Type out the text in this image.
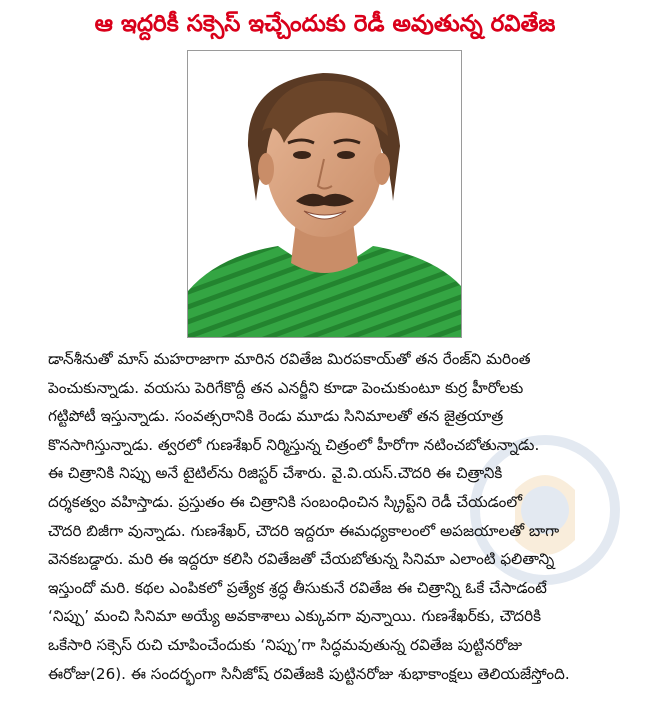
ఆ ఇద్దరికీ సక్సెస్ ఇచ్చేందుకు రెడీ అవుతున్న రవితేజ
డాన్‌శీనుతో మాస్ మహరాజాగా మారిన రవితేజ మిరపకాయ్‌తో తన రేంజ్‌ని మరింత
పెంచుకున్నాడు. వయసు పెరిగేకొద్దీ తన ఎనర్జీని కూడా పెంచుకుంటూ కుర్ర హీరోలకు
గట్టిపోటీ ఇస్తున్నాడు. సంవత్సరానికి రెండు మూడు సినిమాలతో తన జైత్రయాత్ర
కొనసాగిస్తున్నాడు. త్వరలో గుణశేఖర్ నిర్మిస్తున్న చిత్రంలో హీరోగా నటించబోతున్నాడు.
ఈ చిత్రానికి నిప్పు అనే టైటిల్‌ను రిజిస్టర్ చేశారు. వై.వి.యస్.చౌదరి ఈ చిత్రానికి
దర్శకత్వం వహిస్తాడు. ప్రస్తుతం ఈ చిత్రానికి సంబంధించిన స్క్రిప్ట్‌ని రెడీ చేయడంలో
చౌదరి బిజీగా వున్నాడు. గుణశేఖర్, చౌదరి ఇద్దరూ ఈమధ్యకాలంలో అపజయాలతో బాగా
వెనకబడ్డారు. మరి ఈ ఇద్దరూ కలిసి రవితేజతో చేయబోతున్న సినిమా ఎలాంటి ఫలితాన్ని
ఇస్తుందో మరి. కథల ఎంపికలో ప్రత్యేక శ్రద్ధ తీసుకునే రవితేజ ఈ చిత్రాన్ని ఓకే చేసాడంటే
‘నిప్పు’ మంచి సినిమా అయ్యే అవకాశాలు ఎక్కువగా వున్నాయి. గుణశేఖర్‌కు, చౌదరికి
ఒకేసారి సక్సెస్ రుచి చూపించేందుకు ‘నిప్పు’గా సిద్ధమవుతున్న రవితేజ పుట్టినరోజు
ఈరోజు(26). ఈ సందర్భంగా సినీజోష్ రవితేజకి పుట్టినరోజు శుభాకాంక్షలు తెలియజేస్తోంది.
